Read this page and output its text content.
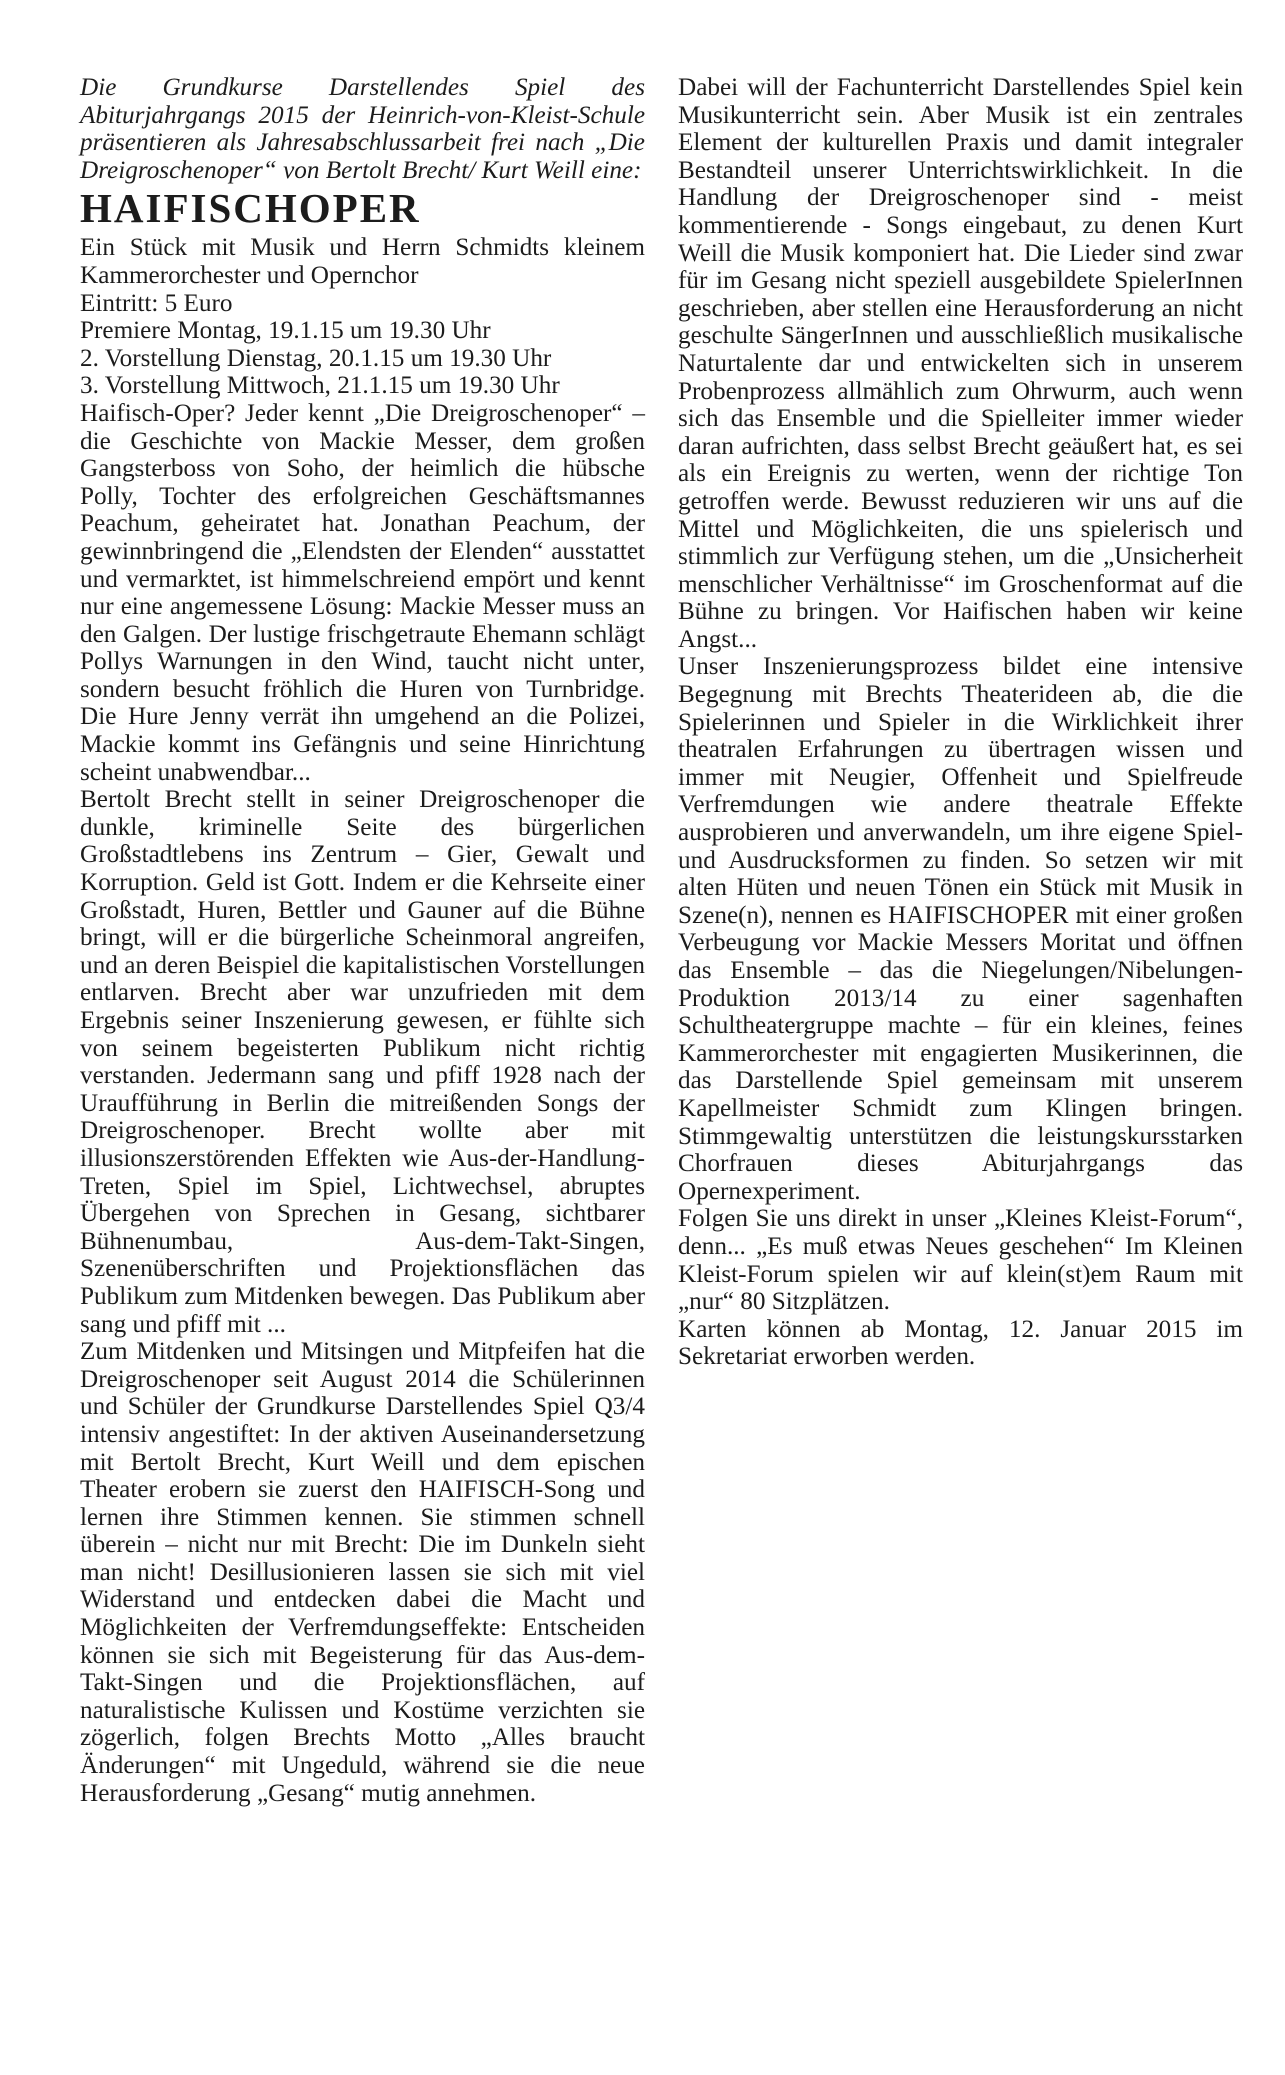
Die Grundkurse Darstellendes Spiel des Abiturjahrgangs 2015 der Heinrich-von-Kleist-Schule präsentieren als Jahresabschlussarbeit frei nach „Die Dreigroschenoper“ von Bertolt Brecht/ Kurt Weill eine:

HAIFISCHOPER

Ein Stück mit Musik und Herrn Schmidts kleinem Kammerorchester und Opernchor

Eintritt: 5 Euro

Premiere Montag, 19.1.15 um 19.30 Uhr
2. Vorstellung Dienstag, 20.1.15 um 19.30 Uhr
3. Vorstellung Mittwoch, 21.1.15 um 19.30 Uhr

Haifisch-Oper? Jeder kennt „Die Dreigroschenoper“ – die Geschichte von Mackie Messer, dem großen Gangsterboss von Soho, der heimlich die hübsche Polly, Tochter des erfolgreichen Geschäftsmannes Peachum, geheiratet hat. Jonathan Peachum, der gewinnbringend die „Elendsten der Elenden“ ausstattet und vermarktet, ist himmelschreiend empört und kennt nur eine angemessene Lösung: Mackie Messer muss an den Galgen. Der lustige frischgetraute Ehemann schlägt Pollys Warnungen in den Wind, taucht nicht unter, sondern besucht fröhlich die Huren von Turnbridge. Die Hure Jenny verrät ihn umgehend an die Polizei, Mackie kommt ins Gefängnis und seine Hinrichtung scheint unabwendbar...

Bertolt Brecht stellt in seiner Dreigroschenoper die dunkle, kriminelle Seite des bürgerlichen Großstadtlebens ins Zentrum – Gier, Gewalt und Korruption. Geld ist Gott. Indem er die Kehrseite einer Großstadt, Huren, Bettler und Gauner auf die Bühne bringt, will er die bürgerliche Scheinmoral angreifen, und an deren Beispiel die kapitalistischen Vorstellungen entlarven. Brecht aber war unzufrieden mit dem Ergebnis seiner Inszenierung gewesen, er fühlte sich von seinem begeisterten Publikum nicht richtig verstanden. Jedermann sang und pfiff 1928 nach der Uraufführung in Berlin die mitreißenden Songs der Dreigroschenoper. Brecht wollte aber mit illusionszerstörenden Effekten wie Aus-der-Handlung-Treten, Spiel im Spiel, Lichtwechsel, abruptes Übergehen von Sprechen in Gesang, sichtbarer Bühnenumbau, Aus-dem-Takt-Singen, Szenenüberschriften und Projektionsflächen das Publikum zum Mitdenken bewegen. Das Publikum aber sang und pfiff mit ...

Zum Mitdenken und Mitsingen und Mitpfeifen hat die Dreigroschenoper seit August 2014 die Schülerinnen und Schüler der Grundkurse Darstellendes Spiel Q3/4 intensiv angestiftet: In der aktiven Auseinandersetzung mit Bertolt Brecht, Kurt Weill und dem epischen Theater erobern sie zuerst den HAIFISCH-Song und lernen ihre Stimmen kennen. Sie stimmen schnell überein – nicht nur mit Brecht: Die im Dunkeln sieht man nicht! Desillusionieren lassen sie sich mit viel Widerstand und entdecken dabei die Macht und Möglichkeiten der Verfremdungseffekte: Entscheiden können sie sich mit Begeisterung für das Aus-dem-Takt-Singen und die Projektionsflächen, auf naturalistische Kulissen und Kostüme verzichten sie zögerlich, folgen Brechts Motto „Alles braucht Änderungen“ mit Ungeduld, während sie die neue Herausforderung „Gesang“ mutig annehmen.

Dabei will der Fachunterricht Darstellendes Spiel kein Musikunterricht sein. Aber Musik ist ein zentrales Element der kulturellen Praxis und damit integraler Bestandteil unserer Unterrichtswirklichkeit. In die Handlung der Dreigroschenoper sind - meist kommentierende - Songs eingebaut, zu denen Kurt Weill die Musik komponiert hat. Die Lieder sind zwar für im Gesang nicht speziell ausgebildete SpielerInnen geschrieben, aber stellen eine Herausforderung an nicht geschulte SängerInnen und ausschließlich musikalische Naturtalente dar und entwickelten sich in unserem Probenprozess allmählich zum Ohrwurm, auch wenn sich das Ensemble und die Spielleiter immer wieder daran aufrichten, dass selbst Brecht geäußert hat, es sei als ein Ereignis zu werten, wenn der richtige Ton getroffen werde. Bewusst reduzieren wir uns auf die Mittel und Möglichkeiten, die uns spielerisch und stimmlich zur Verfügung stehen, um die „Unsicherheit menschlicher Verhältnisse“ im Groschenformat auf die Bühne zu bringen. Vor Haifischen haben wir keine Angst...

Unser Inszenierungsprozess bildet eine intensive Begegnung mit Brechts Theaterideen ab, die die Spielerinnen und Spieler in die Wirklichkeit ihrer theatralen Erfahrungen zu übertragen wissen und immer mit Neugier, Offenheit und Spielfreude Verfremdungen wie andere theatrale Effekte ausprobieren und anverwandeln, um ihre eigene Spiel- und Ausdrucksformen zu finden. So setzen wir mit alten Hüten und neuen Tönen ein Stück mit Musik in Szene(n), nennen es HAIFISCHOPER mit einer großen Verbeugung vor Mackie Messers Moritat und öffnen das Ensemble – das die Niegelungen/Nibelungen-Produktion 2013/14 zu einer sagenhaften Schultheatergruppe machte – für ein kleines, feines Kammerorchester mit engagierten Musikerinnen, die das Darstellende Spiel gemeinsam mit unserem Kapellmeister Schmidt zum Klingen bringen. Stimmgewaltig unterstützen die leistungskursstarken Chorfrauen dieses Abiturjahrgangs das Opernexperiment.

Folgen Sie uns direkt in unser „Kleines Kleist-Forum“, denn... „Es muß etwas Neues geschehen“ Im Kleinen Kleist-Forum spielen wir auf klein(st)em Raum mit „nur“ 80 Sitzplätzen.

Karten können ab Montag, 12. Januar 2015 im Sekretariat erworben werden.
